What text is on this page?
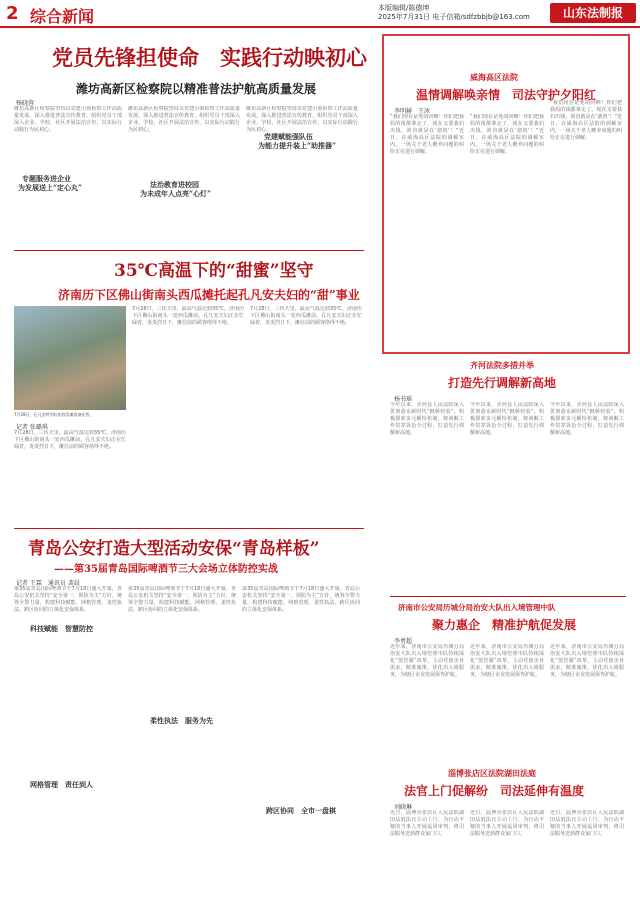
2 综合新闻	本版编辑/陈德坤
2025年7月31日 电子信箱/sdfzbbjb@163.com	山东法制报
党员先锋担使命　实践行动映初心
潍坊高新区检察院以精准普法护航高质量发展
杨晓蓉
潍坊高新区检察院坚持以党建引领检察工作高质量发展，深入推进普法宣传教育，组织党员干部深入企业、学校、社区开展法治宣传，以实际行动践行为民初心。
专题服务进企业
为发展送上“定心丸”
潍坊高新区检察院坚持以党建引领检察工作高质量发展，深入推进普法宣传教育，组织党员干部深入企业、学校、社区开展法治宣传，以实际行动践行为民初心。
法治教育进校园
为未成年人点亮“心灯”
潍坊高新区检察院坚持以党建引领检察工作高质量发展，深入推进普法宣传教育，组织党员干部深入企业、学校、社区开展法治宣传，以实际行动践行为民初心。
党建赋能强队伍
为能力提升装上“助推器”
威海高区法院
温情调解唤亲情　司法守护夕阳红
李明赫　王冰
“我们现在是死胡同啊！你们把我妈的钱都拿走了，现在又要我们出钱，简直就是在‘割肉’！”近日，在威海高区法院的调解室内，一场关于老人赡养问题的纠纷正在进行调解。
“我们现在是死胡同啊！你们把我妈的钱都拿走了，现在又要我们出钱，简直就是在‘割肉’！”近日，在威海高区法院的调解室内，一场关于老人赡养问题的纠纷正在进行调解。
“我们现在是死胡同啊！你们把我妈的钱都拿走了，现在又要我们出钱，简直就是在‘割肉’！”近日，在威海高区法院的调解室内，一场关于老人赡养问题的纠纷正在进行调解。
35℃高温下的“甜蜜”坚守
济南历下区佛山街南头西瓜摊托起孔凡安夫妇的“甜”事业
7月28日，孔凡安特列好的西瓜摊准备出售。
记者 张璐琪
7月28日，三伏天里，最高气温达到35℃。济南历下区佛山街南头一处西瓜摊前，孔凡安夫妇正在忙碌着，炎炎烈日下，摊位前的顾客络绎不绝。
7月28日，三伏天里，最高气温达到35℃。济南历下区佛山街南头一处西瓜摊前，孔凡安夫妇正在忙碌着，炎炎烈日下，摊位前的顾客络绎不绝。
7月28日，三伏天里，最高气温达到35℃。济南历下区佛山街南头一处西瓜摊前，孔凡安夫妇正在忙碌着，炎炎烈日下，摊位前的顾客络绎不绝。
齐河法院多措并举
打造先行调解新高地
杨书瑶
今年以来，齐河县人民法院深入贯彻落实新时代“枫桥经验”，积极探索多元解纷机制，将调解工作贯穿诉讼全过程，打造先行调解新高地。
今年以来，齐河县人民法院深入贯彻落实新时代“枫桥经验”，积极探索多元解纷机制，将调解工作贯穿诉讼全过程，打造先行调解新高地。
今年以来，齐河县人民法院深入贯彻落实新时代“枫桥经验”，积极探索多元解纷机制，将调解工作贯穿诉讼全过程，打造先行调解新高地。
青岛公安打造大型活动安保“青岛样板”
——第35届青岛国际啤酒节三大会场立体防控实战
记者 王霖　通讯员 裴晨
第35届青岛国际啤酒节于7月18日盛大开幕，青岛公安机关坚持“安全第一、预防为主”方针，统筹全警力量，构建科技赋能、网格管理、柔性执法、跨区协同的立体化安保体系。
科技赋能　智慧防控
网格管理　责任到人
第35届青岛国际啤酒节于7月18日盛大开幕，青岛公安机关坚持“安全第一、预防为主”方针，统筹全警力量，构建科技赋能、网格管理、柔性执法、跨区协同的立体化安保体系。
柔性执法　服务为先
第35届青岛国际啤酒节于7月18日盛大开幕，青岛公安机关坚持“安全第一、预防为主”方针，统筹全警力量，构建科技赋能、网格管理、柔性执法、跨区协同的立体化安保体系。
跨区协同　全市一盘棋
济南市公安局历城分局治安大队出入境管理中队
聚力惠企　精准护航促发展
李勇超
近年来，济南市公安局历城分局治安大队出入境管理中队持续深化“放管服”改革，主动对接企业需求，精准施策，优化出入境服务，为辖区企业发展保驾护航。
近年来，济南市公安局历城分局治安大队出入境管理中队持续深化“放管服”改革，主动对接企业需求，精准施策，优化出入境服务，为辖区企业发展保驾护航。
近年来，济南市公安局历城分局治安大队出入境管理中队持续深化“放管服”改革，主动对接企业需求，精准施策，优化出入境服务，为辖区企业发展保驾护航。
淄博张店区法院湖田法庭
法官上门促解纷　司法延伸有温度
刘晓琳
近日，淄博市张店区人民法院湖田法庭法官主动上门，为行动不便的当事人开展巡回审判，将司法服务送到群众家门口。
近日，淄博市张店区人民法院湖田法庭法官主动上门，为行动不便的当事人开展巡回审判，将司法服务送到群众家门口。
近日，淄博市张店区人民法院湖田法庭法官主动上门，为行动不便的当事人开展巡回审判，将司法服务送到群众家门口。
